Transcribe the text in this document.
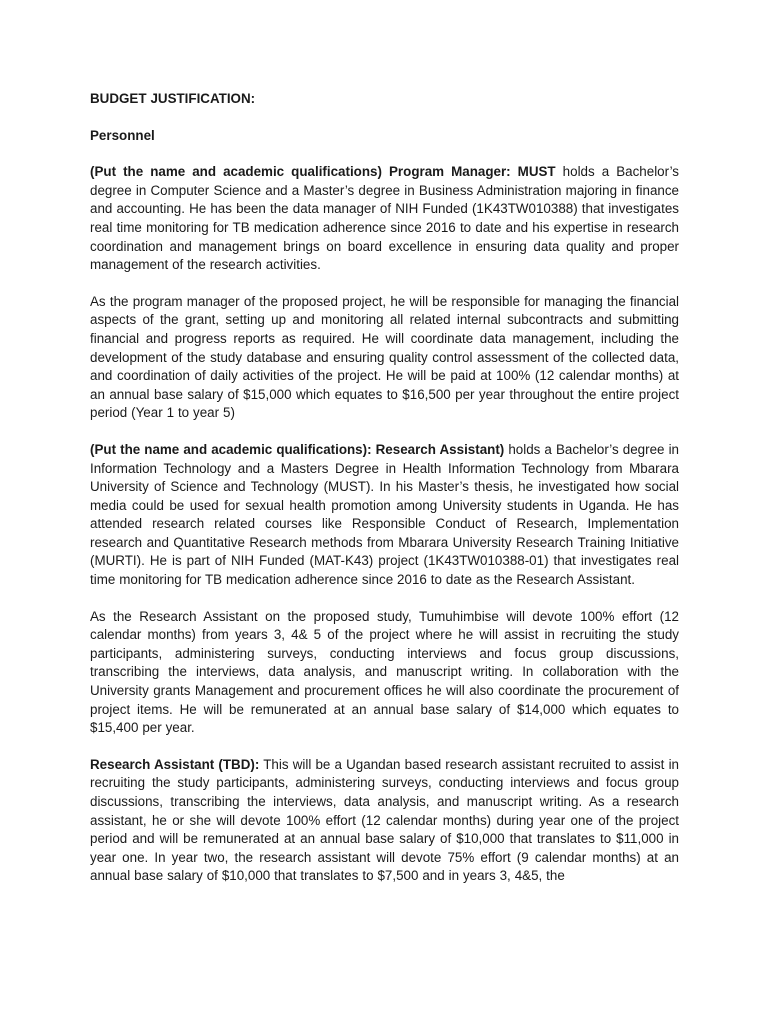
BUDGET JUSTIFICATION:
Personnel

(Put the name and academic qualifications) Program Manager: MUST holds a Bachelor’s degree in Computer Science and a Master’s degree in Business Administration majoring in finance and accounting. He has been the data manager of NIH Funded (1K43TW010388) that investigates real time monitoring for TB medication adherence since 2016 to date and his expertise in research coordination and management brings on board excellence in ensuring data quality and proper management of the research activities.

As the program manager of the proposed project, he will be responsible for managing the financial aspects of the grant, setting up and monitoring all related internal subcontracts and submitting financial and progress reports as required. He will coordinate data management, including the development of the study database and ensuring quality control assessment of the collected data, and coordination of daily activities of the project. He will be paid at 100% (12 calendar months) at an annual base salary of $15,000 which equates to $16,500 per year throughout the entire project period (Year 1 to year 5)

(Put the name and academic qualifications): Research Assistant) holds a Bachelor’s degree in Information Technology and a Masters Degree in Health Information Technology from Mbarara University of Science and Technology (MUST). In his Master’s thesis, he investigated how social media could be used for sexual health promotion among University students in Uganda. He has attended research related courses like Responsible Conduct of Research, Implementation research and Quantitative Research methods from Mbarara University Research Training Initiative (MURTI). He is part of NIH Funded (MAT-K43) project (1K43TW010388-01) that investigates real time monitoring for TB medication adherence since 2016 to date as the Research Assistant.

As the Research Assistant on the proposed study, Tumuhimbise will devote 100% effort (12 calendar months) from years 3, 4& 5 of the project where he will assist in recruiting the study participants, administering surveys, conducting interviews and focus group discussions, transcribing the interviews, data analysis, and manuscript writing. In collaboration with the University grants Management and procurement offices he will also coordinate the procurement of project items. He will be remunerated at an annual base salary of $14,000 which equates to $15,400 per year.

Research Assistant (TBD): This will be a Ugandan based research assistant recruited to assist in recruiting the study participants, administering surveys, conducting interviews and focus group discussions, transcribing the interviews, data analysis, and manuscript writing. As a research assistant, he or she will devote 100% effort (12 calendar months) during year one of the project period and will be remunerated at an annual base salary of $10,000 that translates to $11,000 in year one. In year two, the research assistant will devote 75% effort (9 calendar months) at an annual base salary of $10,000 that translates to $7,500 and in years 3, 4&5, the
